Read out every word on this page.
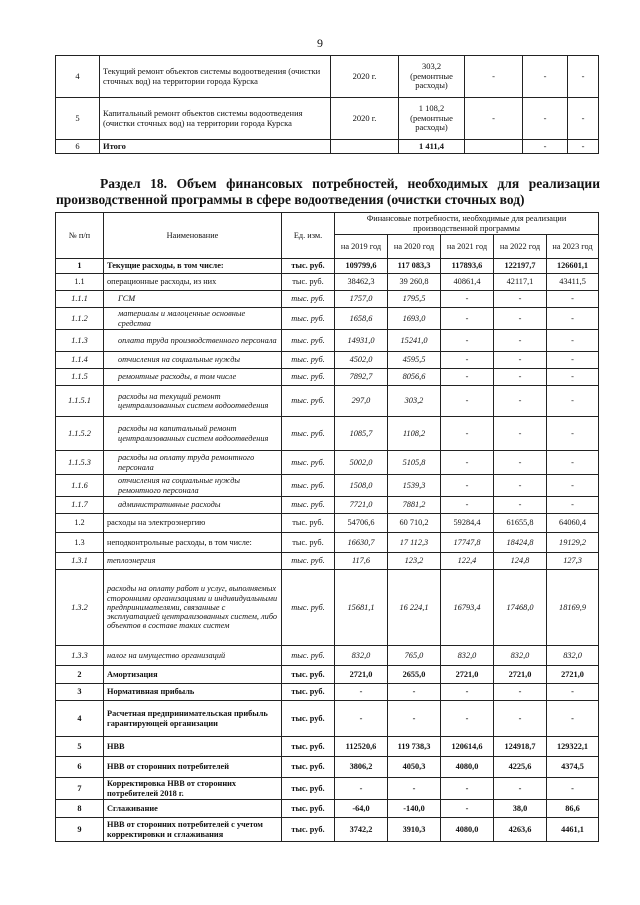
9
4	Текущий ремонт объектов системы водоотведения (очистки сточных вод) на территории города Курска	2020 г.	303,2 (ремонтные расходы)	-	-	-
5	Капитальный ремонт объектов системы водоотведения (очистки сточных вод) на территории города Курска	2020 г.	1 108,2 (ремонтные расходы)	-	-	-
6	Итого		1 411,4		-	-
Раздел 18. Объем финансовых потребностей, необходимых для реализации производственной программы в сфере водоотведения (очистки сточных вод)
№ п/п	Наименование	Ед. изм.	Финансовые потребности, необходимые для реализации производственной программы				
			на 2019 год	на 2020 год	на 2021 год	на 2022 год	на 2023 год
1	Текущие расходы, в том числе:	тыс. руб.	109799,6	117 083,3	117893,6	122197,7	126601,1
1.1	операционные расходы, из них	тыс. руб.	38462,3	39 260,8	40861,4	42117,1	43411,5
1.1.1	ГСМ	тыс. руб.	1757,0	1795,5	-	-	-
1.1.2	материалы и малоценные основные средства	тыс. руб.	1658,6	1693,0	-	-	-
1.1.3	оплата труда производственного персонала	тыс. руб.	14931,0	15241,0	-	-	-
1.1.4	отчисления на социальные нужды	тыс. руб.	4502,0	4595,5	-	-	-
1.1.5	ремонтные расходы, в том числе	тыс. руб.	7892,7	8056,6	-	-	-
1.1.5.1	расходы на текущий ремонт централизованных систем водоотведения	тыс. руб.	297,0	303,2	-	-	-
1.1.5.2	расходы на капитальный ремонт централизованных систем водоотведения	тыс. руб.	1085,7	1108,2	-	-	-
1.1.5.3	расходы на оплату труда ремонтного персонала	тыс. руб.	5002,0	5105,8	-	-	-
1.1.6	отчисления на социальные нужды ремонтного персонала	тыс. руб.	1508,0	1539,3	-	-	-
1.1.7	административные расходы	тыс. руб.	7721,0	7881,2	-	-	-
1.2	расходы на электроэнергию	тыс. руб.	54706,6	60 710,2	59284,4	61655,8	64060,4
1.3	неподконтрольные расходы, в том числе:	тыс. руб.	16630,7	17 112,3	17747,8	18424,8	19129,2
1.3.1	теплоэнергия	тыс. руб.	117,6	123,2	122,4	124,8	127,3
1.3.2	расходы на оплату работ и услуг, выполняемых сторонними организациями и индивидуальными предпринимателями, связанные с эксплуатацией централизованных систем, либо объектов в составе таких систем	тыс. руб.	15681,1	16 224,1	16793,4	17468,0	18169,9
1.3.3	налог на имущество организаций	тыс. руб.	832,0	765,0	832,0	832,0	832,0
2	Амортизация	тыс. руб.	2721,0	2655,0	2721,0	2721,0	2721,0
3	Нормативная прибыль	тыс. руб.	-	-	-	-	-
4	Расчетная предпринимательская прибыль гарантирующей организации	тыс. руб.	-	-	-	-	-
5	НВВ	тыс. руб.	112520,6	119 738,3	120614,6	124918,7	129322,1
6	НВВ от сторонних потребителей	тыс. руб.	3806,2	4050,3	4080,0	4225,6	4374,5
7	Корректировка НВВ от сторонних потребителей 2018 г.	тыс. руб.	-	-	-	-	-
8	Сглаживание	тыс. руб.	-64,0	-140,0	-	38,0	86,6
9	НВВ от сторонних потребителей с учетом корректировки и сглаживания	тыс. руб.	3742,2	3910,3	4080,0	4263,6	4461,1
